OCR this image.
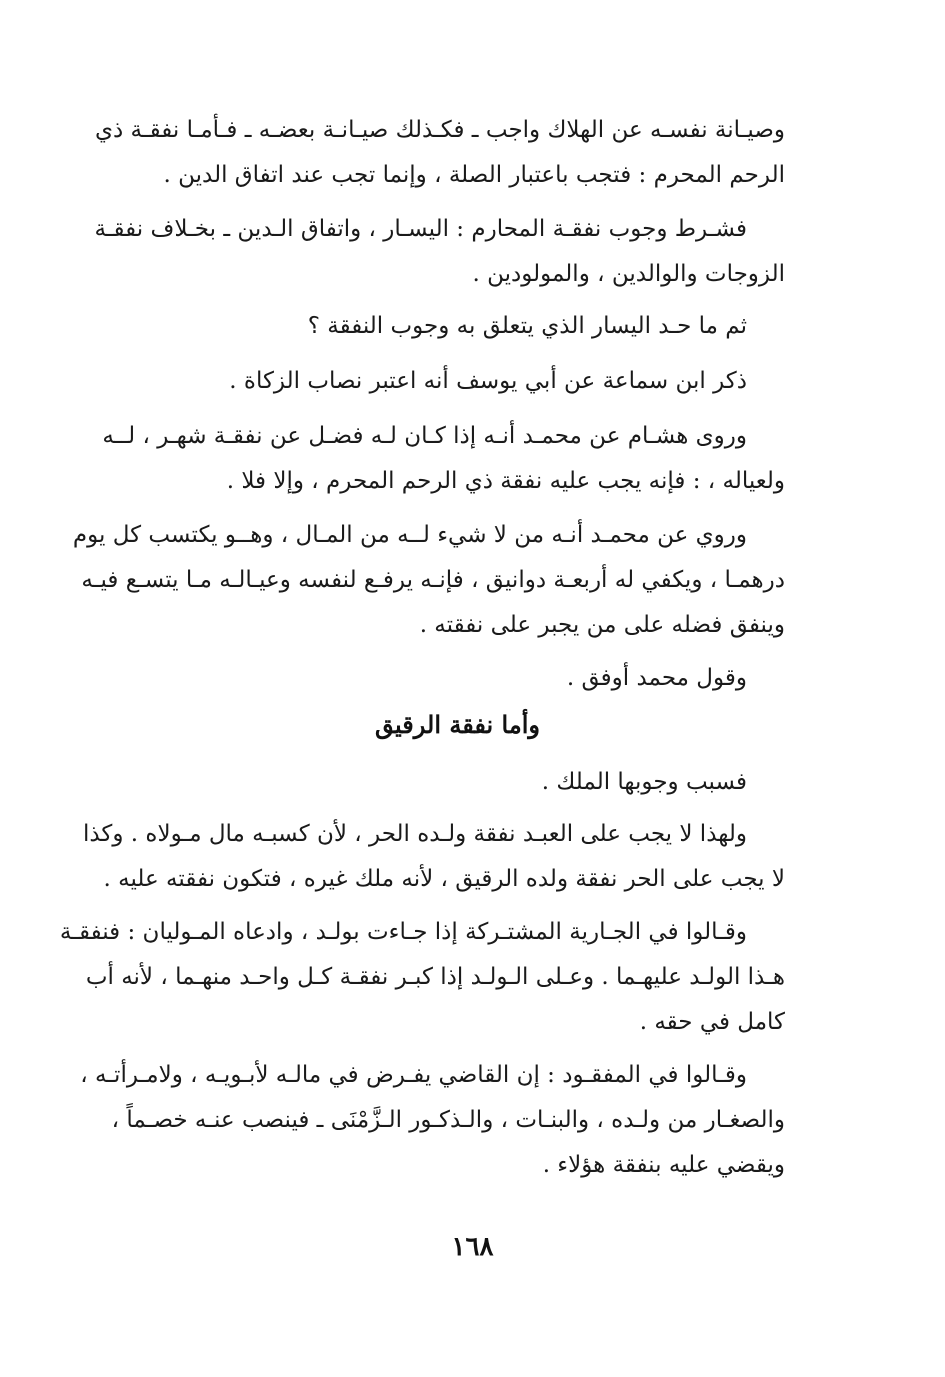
وصيـانة نفسـه عن الهلاك واجب ـ فكـذلك صيـانـة بعضـه ـ فـأمـا نفقـة ذي
الرحم المحرم : فتجب باعتبار الصلة ، وإنما تجب عند اتفاق الدين .
فشـرط وجوب نفقـة المحارم : اليسـار ، واتفاق الـدين ـ بخـلاف نفقـة
الزوجات والوالدين ، والمولودين .
ثم ما حـد اليسار الذي يتعلق به وجوب النفقة ؟
ذكر ابن سماعة عن أبي يوسف أنه اعتبر نصاب الزكاة .
وروى هشـام عن محمـد أنـه إذا كـان لـه فضـل عن نفقـة شهـر ، لــه
ولعياله ، : فإنه يجب عليه نفقة ذي الرحم المحرم ، وإلا فلا .
وروي عن محمـد أنـه من لا شيء لــه من المـال ، وهــو يكتسب كل يوم
درهمـا ، ويكفي له أربعـة دوانيق ، فإنـه يرفـع لنفسه وعيـالـه مـا يتسـع فيـه
وينفق فضله على من يجبر على نفقته .
وقول محمد أوفق .
وأما نفقة الرقيق
فسبب وجوبها الملك .
ولهذا لا يجب على العبـد نفقة ولـده الحر ، لأن كسبـه مال مـولاه . وكذا
لا يجب على الحر نفقة ولده الرقيق ، لأنه ملك غيره ، فتكون نفقته عليه .
وقـالوا في الجـارية المشتـركة إذا جـاءت بولـد ، وادعاه المـوليان : فنفقـة
هـذا الولـد عليهـما . وعـلى الـولـد إذا كبـر نفقـة كـل واحـد منهـما ، لأنه أب
كامل في حقه .
وقـالوا في المفقـود : إن القاضي يفـرض في مالـه لأبـويـه ، ولامـرأتـه ،
والصغـار من ولـده ، والبنـات ، والـذكـور الـزَّمْنَى ـ فينصب عنـه خصـماً ،
ويقضي عليه بنفقة هؤلاء .
١٦٨
